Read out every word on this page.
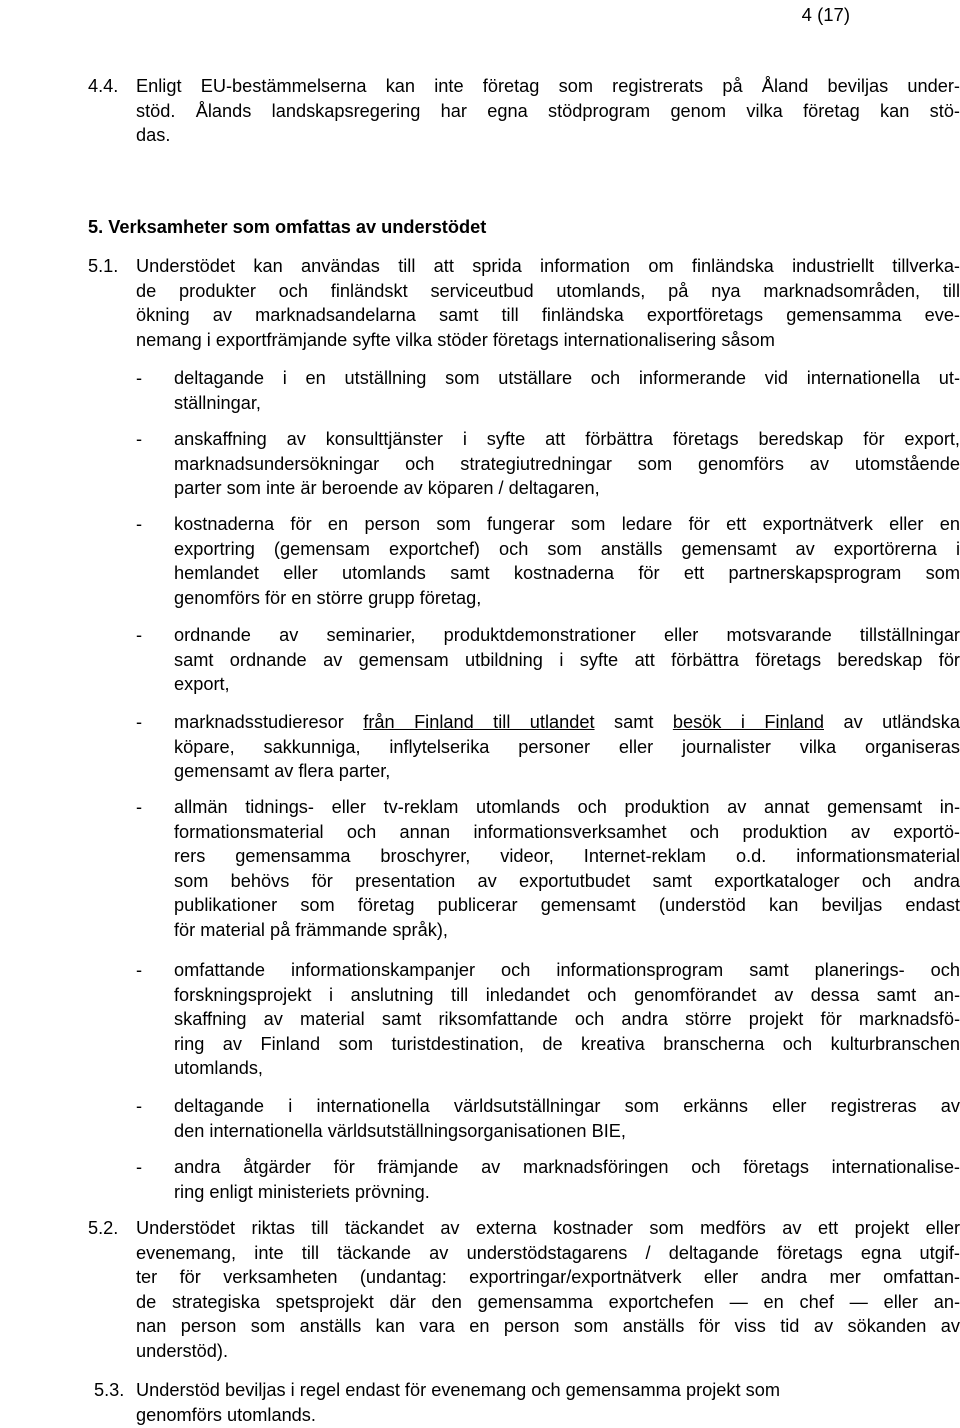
4 (17)
4.4. Enligt EU-bestämmelserna kan inte företag som registrerats på Åland beviljas under-
stöd. Ålands landskapsregering har egna stödprogram genom vilka företag kan stö-
das.
5. Verksamheter som omfattas av understödet
5.1. Understödet kan användas till att sprida information om finländska industriellt tillverka-
de produkter och finländskt serviceutbud utomlands, på nya marknadsområden, till
ökning av marknadsandelarna samt till finländska exportföretags gemensamma eve-
nemang i exportfrämjande syfte vilka stöder företags internationalisering såsom
- deltagande i en utställning som utställare och informerande vid internationella ut-
ställningar,
- anskaffning av konsulttjänster i syfte att förbättra företags beredskap för export,
marknadsundersökningar och strategiutredningar som genomförs av utomstående
parter som inte är beroende av köparen / deltagaren,
- kostnaderna för en person som fungerar som ledare för ett exportnätverk eller en
exportring (gemensam exportchef) och som anställs gemensamt av exportörerna i
hemlandet eller utomlands samt kostnaderna för ett partnerskapsprogram som
genomförs för en större grupp företag,
- ordnande av seminarier, produktdemonstrationer eller motsvarande tillställningar
samt ordnande av gemensam utbildning i syfte att förbättra företags beredskap för
export,
- marknadsstudieresor från Finland till utlandet samt besök i Finland av utländska
köpare, sakkunniga, inflytelserika personer eller journalister vilka organiseras
gemensamt av flera parter,
- allmän tidnings- eller tv-reklam utomlands och produktion av annat gemensamt in-
formationsmaterial och annan informationsverksamhet och produktion av exportö-
rers gemensamma broschyrer, videor, Internet-reklam o.d. informationsmaterial
som behövs för presentation av exportutbudet samt exportkataloger och andra
publikationer som företag publicerar gemensamt (understöd kan beviljas endast
för material på främmande språk),
- omfattande informationskampanjer och informationsprogram samt planerings- och
forskningsprojekt i anslutning till inledandet och genomförandet av dessa samt an-
skaffning av material samt riksomfattande och andra större projekt för marknadsfö-
ring av Finland som turistdestination, de kreativa branscherna och kulturbranschen
utomlands,
- deltagande i internationella världsutställningar som erkänns eller registreras av
den internationella världsutställningsorganisationen BIE,
- andra åtgärder för främjande av marknadsföringen och företags internationalise-
ring enligt ministeriets prövning.
5.2. Understödet riktas till täckandet av externa kostnader som medförs av ett projekt eller
evenemang, inte till täckande av understödstagarens / deltagande företags egna utgif-
ter för verksamheten (undantag: exportringar/exportnätverk eller andra mer omfattan-
de strategiska spetsprojekt där den gemensamma exportchefen — en chef — eller an-
nan person som anställs kan vara en person som anställs för viss tid av sökanden av
understöd).
5.3. Understöd beviljas i regel endast för evenemang och gemensamma projekt som
genomförs utomlands.
